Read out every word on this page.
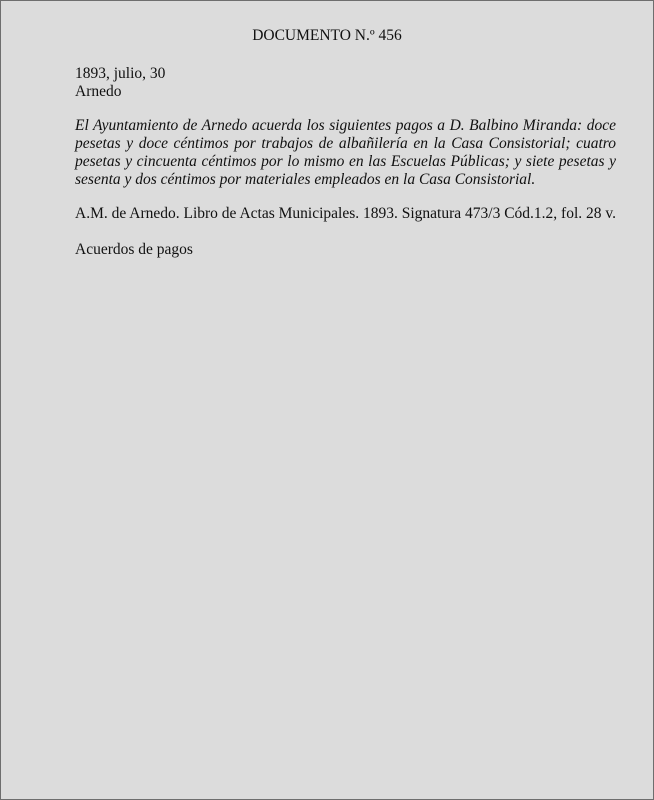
DOCUMENTO N.º 456
1893, julio, 30
Arnedo

El Ayuntamiento de Arnedo acuerda los siguientes pagos a D. Balbino Miranda: doce pesetas y doce céntimos por trabajos de albañilería en la Casa Consistorial; cuatro pesetas y cincuenta céntimos por lo mismo en las Escuelas Públicas; y siete pesetas y sesenta y dos céntimos por materiales empleados en la Casa Consistorial.

A.M. de Arnedo. Libro de Actas Municipales. 1893. Signatura 473/3 Cód.1.2, fol. 28 v.

Acuerdos de pagos
